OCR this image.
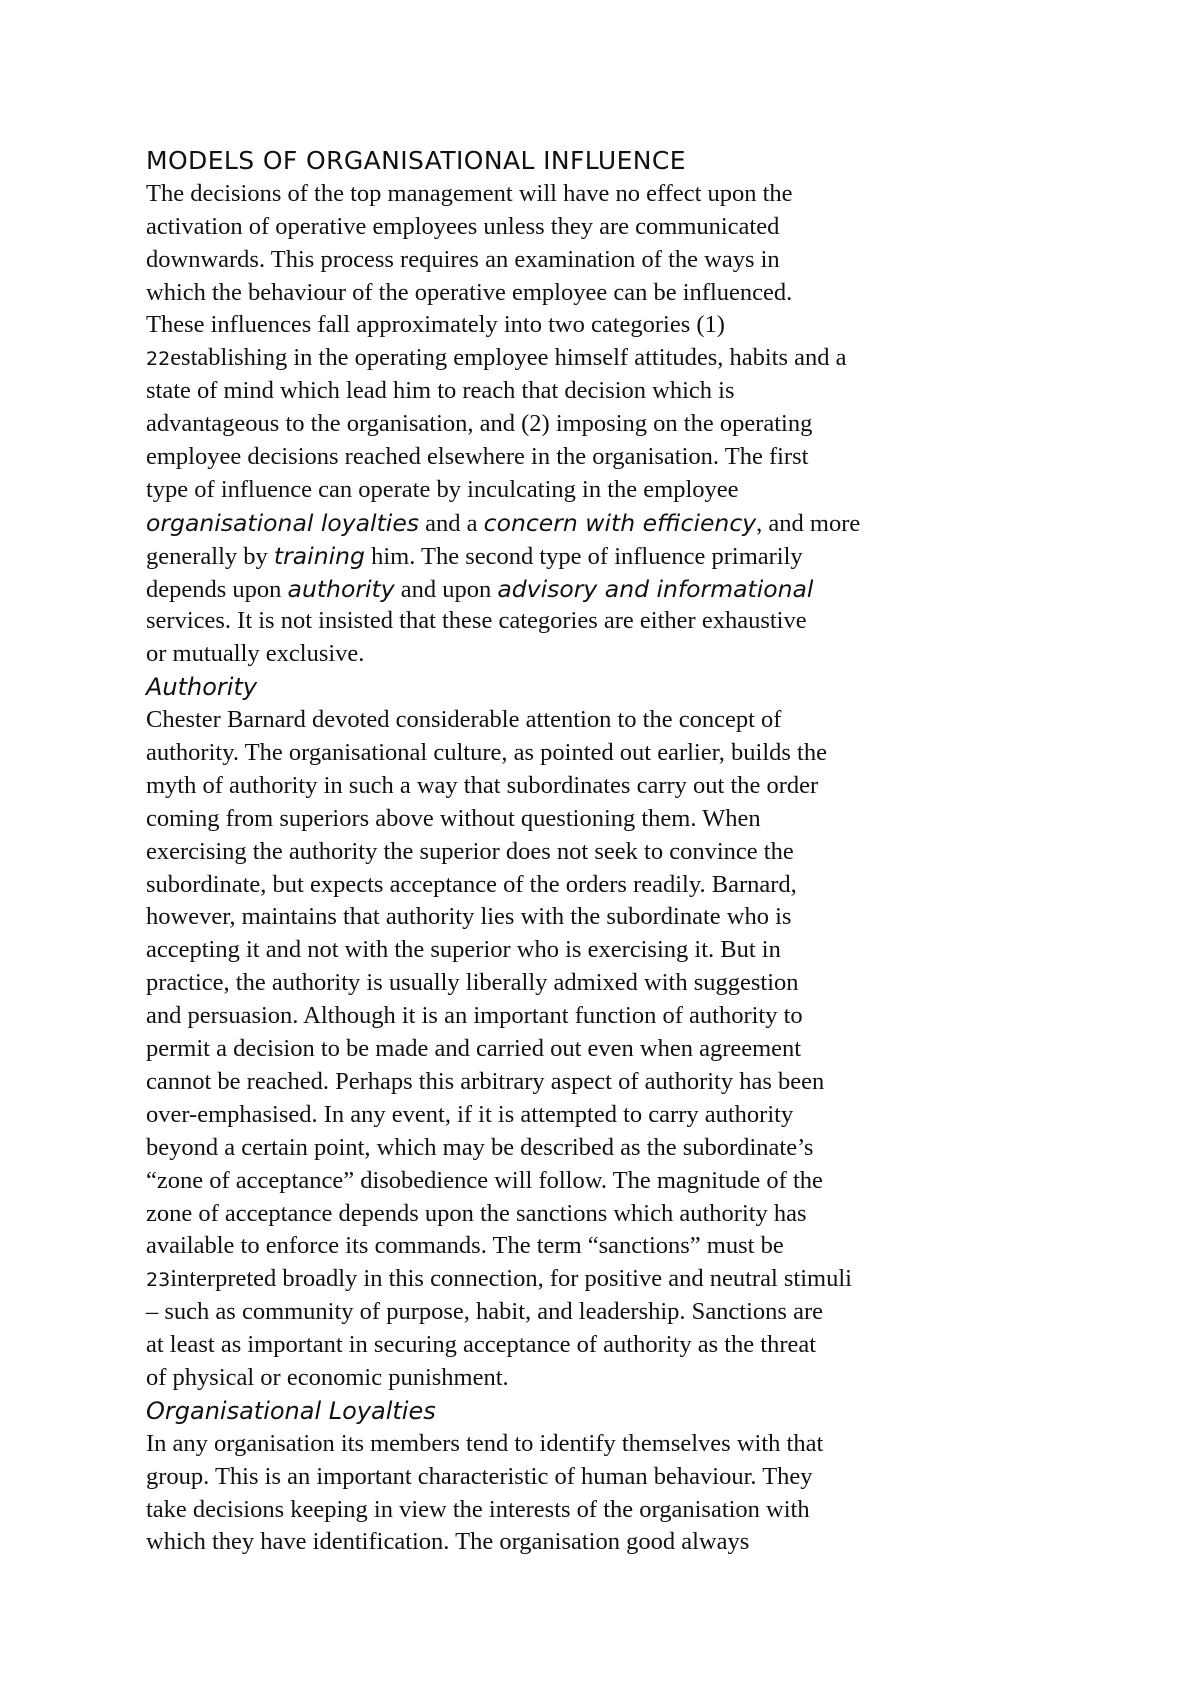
MODELS OF ORGANISATIONAL INFLUENCE
The decisions of the top management will have no effect upon the
activation of operative employees unless they are communicated
downwards. This process requires an examination of the ways in
which the behaviour of the operative employee can be influenced.
These influences fall approximately into two categories (1)
22establishing in the operating employee himself attitudes, habits and a
state of mind which lead him to reach that decision which is
advantageous to the organisation, and (2) imposing on the operating
employee decisions reached elsewhere in the organisation. The first
type of influence can operate by inculcating in the employee
organisational loyalties and a concern with efficiency, and more
generally by training him. The second type of influence primarily
depends upon authority and upon advisory and informational
services. It is not insisted that these categories are either exhaustive
or mutually exclusive.
Authority
Chester Barnard devoted considerable attention to the concept of
authority. The organisational culture, as pointed out earlier, builds the
myth of authority in such a way that subordinates carry out the order
coming from superiors above without questioning them. When
exercising the authority the superior does not seek to convince the
subordinate, but expects acceptance of the orders readily. Barnard,
however, maintains that authority lies with the subordinate who is
accepting it and not with the superior who is exercising it. But in
practice, the authority is usually liberally admixed with suggestion
and persuasion. Although it is an important function of authority to
permit a decision to be made and carried out even when agreement
cannot be reached. Perhaps this arbitrary aspect of authority has been
over-emphasised. In any event, if it is attempted to carry authority
beyond a certain point, which may be described as the subordinate’s
“zone of acceptance” disobedience will follow. The magnitude of the
zone of acceptance depends upon the sanctions which authority has
available to enforce its commands. The term “sanctions” must be
23interpreted broadly in this connection, for positive and neutral stimuli
– such as community of purpose, habit, and leadership. Sanctions are
at least as important in securing acceptance of authority as the threat
of physical or economic punishment.
Organisational Loyalties
In any organisation its members tend to identify themselves with that
group. This is an important characteristic of human behaviour. They
take decisions keeping in view the interests of the organisation with
which they have identification. The organisation good always
